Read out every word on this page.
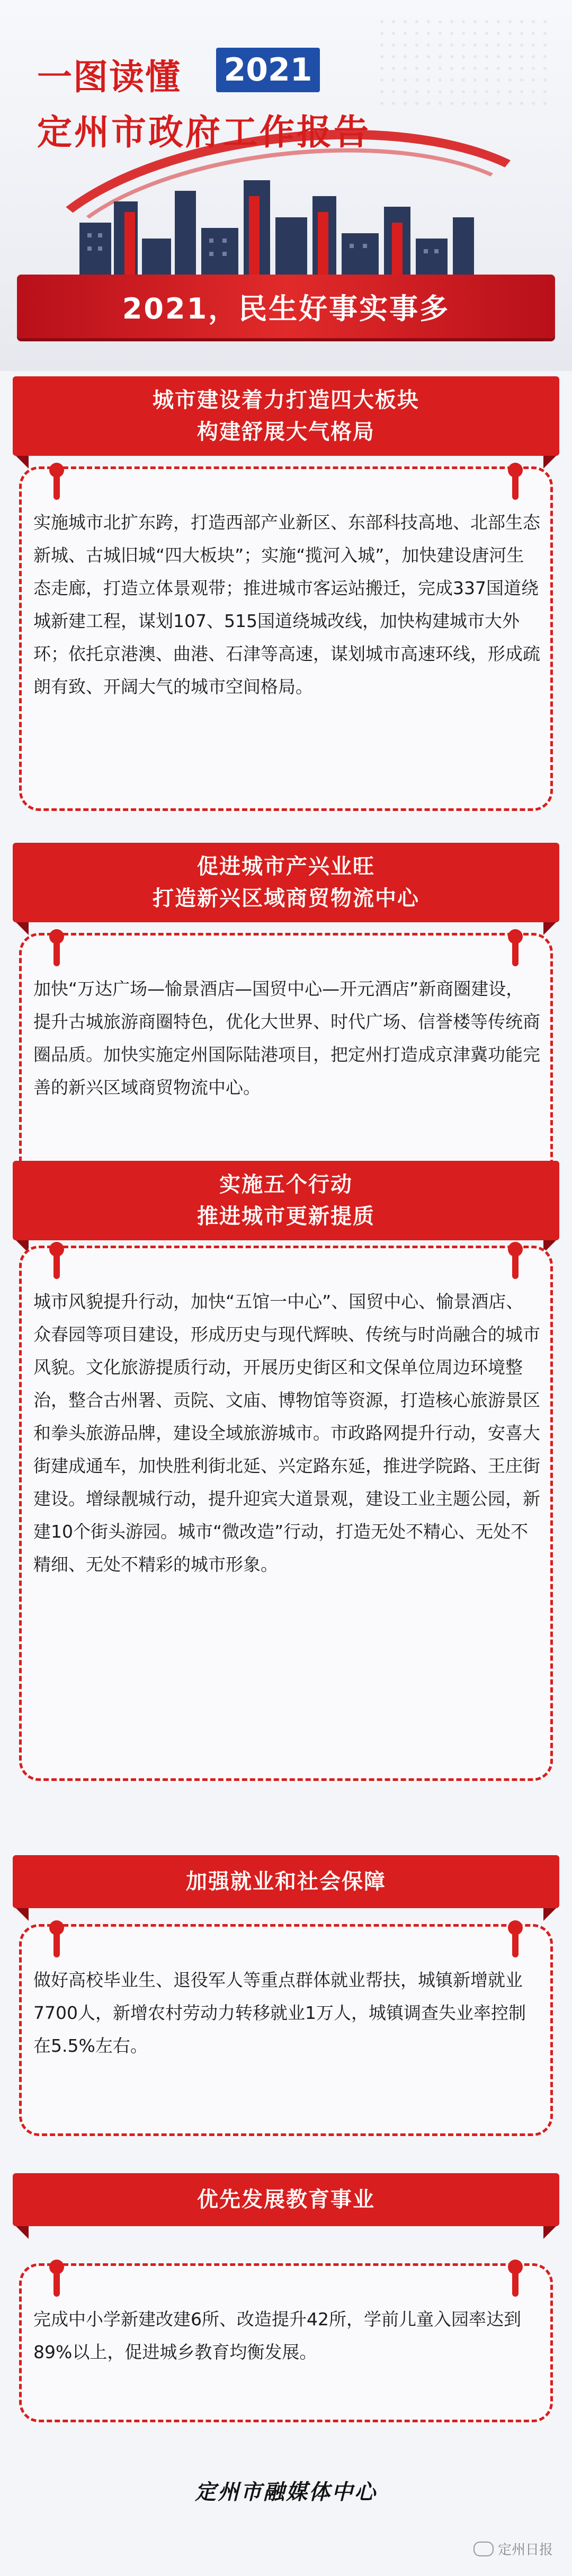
一图读懂 2021
定州市政府工作报告
2021，民生好事实事多
城市建设着力打造四大板块
构建舒展大气格局
实施城市北扩东跨，打造西部产业新区、东部科技高地、北部生态新城、古城旧城“四大板块”；实施“揽河入城”，加快建设唐河生态走廊，打造立体景观带；推进城市客运站搬迁，完成337国道绕城新建工程，谋划107、515国道绕城改线，加快构建城市大外环；依托京港澳、曲港、石津等高速，谋划城市高速环线，形成疏朗有致、开阔大气的城市空间格局。
促进城市产兴业旺
打造新兴区域商贸物流中心
加快“万达广场—愉景酒店—国贸中心—开元酒店”新商圈建设，提升古城旅游商圈特色，优化大世界、时代广场、信誉楼等传统商圈品质。加快实施定州国际陆港项目，把定州打造成京津冀功能完善的新兴区域商贸物流中心。
实施五个行动
推进城市更新提质
城市风貌提升行动，加快“五馆一中心”、国贸中心、愉景酒店、众春园等项目建设，形成历史与现代辉映、传统与时尚融合的城市风貌。文化旅游提质行动，开展历史街区和文保单位周边环境整治，整合古州署、贡院、文庙、博物馆等资源，打造核心旅游景区和拳头旅游品牌，建设全域旅游城市。市政路网提升行动，安喜大街建成通车，加快胜利街北延、兴定路东延，推进学院路、王庄街建设。增绿靓城行动，提升迎宾大道景观，建设工业主题公园，新建10个街头游园。城市“微改造”行动，打造无处不精心、无处不精细、无处不精彩的城市形象。
加强就业和社会保障
做好高校毕业生、退役军人等重点群体就业帮扶，城镇新增就业7700人，新增农村劳动力转移就业1万人，城镇调查失业率控制在5.5%左右。
优先发展教育事业
完成中小学新建改建6所、改造提升42所，学前儿童入园率达到89%以上，促进城乡教育均衡发展。
定州市融媒体中心
定州日报
